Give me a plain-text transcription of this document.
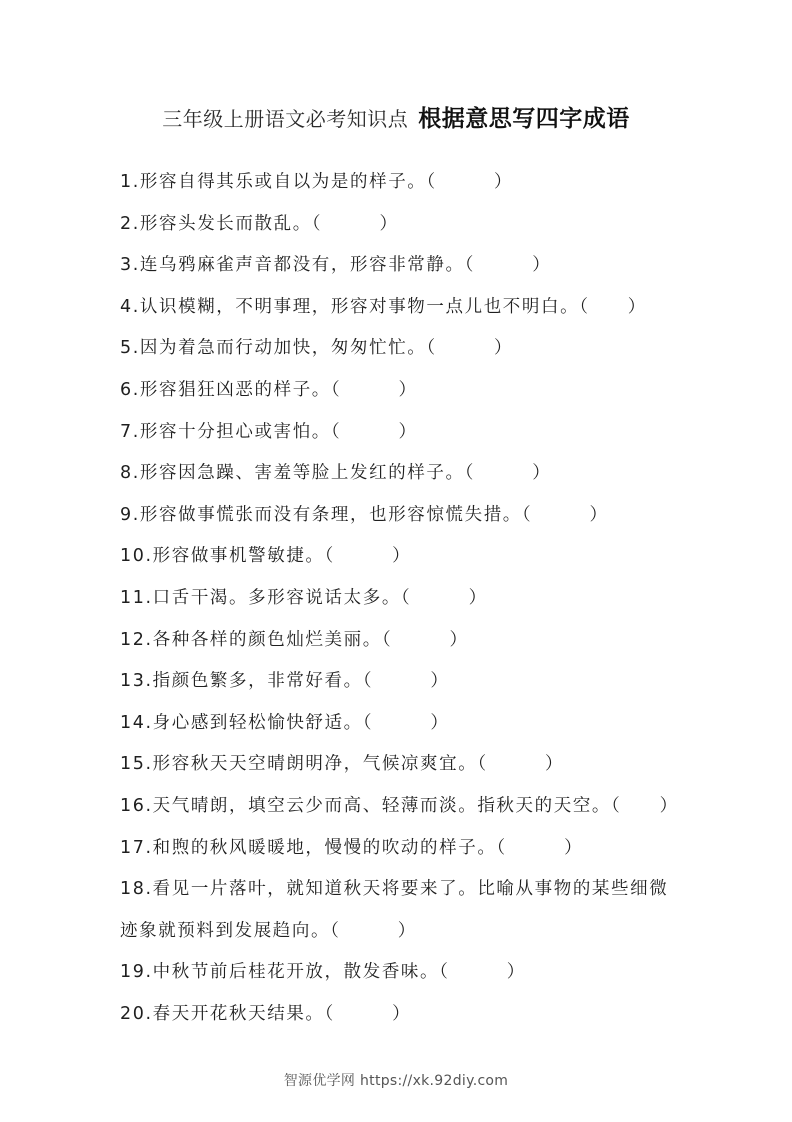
三年级上册语文必考知识点 根据意思写四字成语
1.形容自得其乐或自以为是的样子。（　　　）
2.形容头发长而散乱。（　　　）
3.连乌鸦麻雀声音都没有，形容非常静。（　　　）
4.认识模糊，不明事理，形容对事物一点儿也不明白。（　　）
5.因为着急而行动加快，匆匆忙忙。（　　　）
6.形容猖狂凶恶的样子。（　　　）
7.形容十分担心或害怕。（　　　）
8.形容因急躁、害羞等脸上发红的样子。（　　　）
9.形容做事慌张而没有条理，也形容惊慌失措。（　　　）
10.形容做事机警敏捷。（　　　）
11.口舌干渴。多形容说话太多。（　　　）
12.各种各样的颜色灿烂美丽。（　　　）
13.指颜色繁多，非常好看。（　　　）
14.身心感到轻松愉快舒适。（　　　）
15.形容秋天天空晴朗明净，气候凉爽宜。（　　　）
16.天气晴朗，填空云少而高、轻薄而淡。指秋天的天空。（　　）
17.和煦的秋风暖暖地，慢慢的吹动的样子。（　　　）
18.看见一片落叶，就知道秋天将要来了。比喻从事物的某些细微迹象就预料到发展趋向。（　　　）
19.中秋节前后桂花开放，散发香味。（　　　）
20.春天开花秋天结果。（　　　）
智源优学网 https://xk.92diy.com
